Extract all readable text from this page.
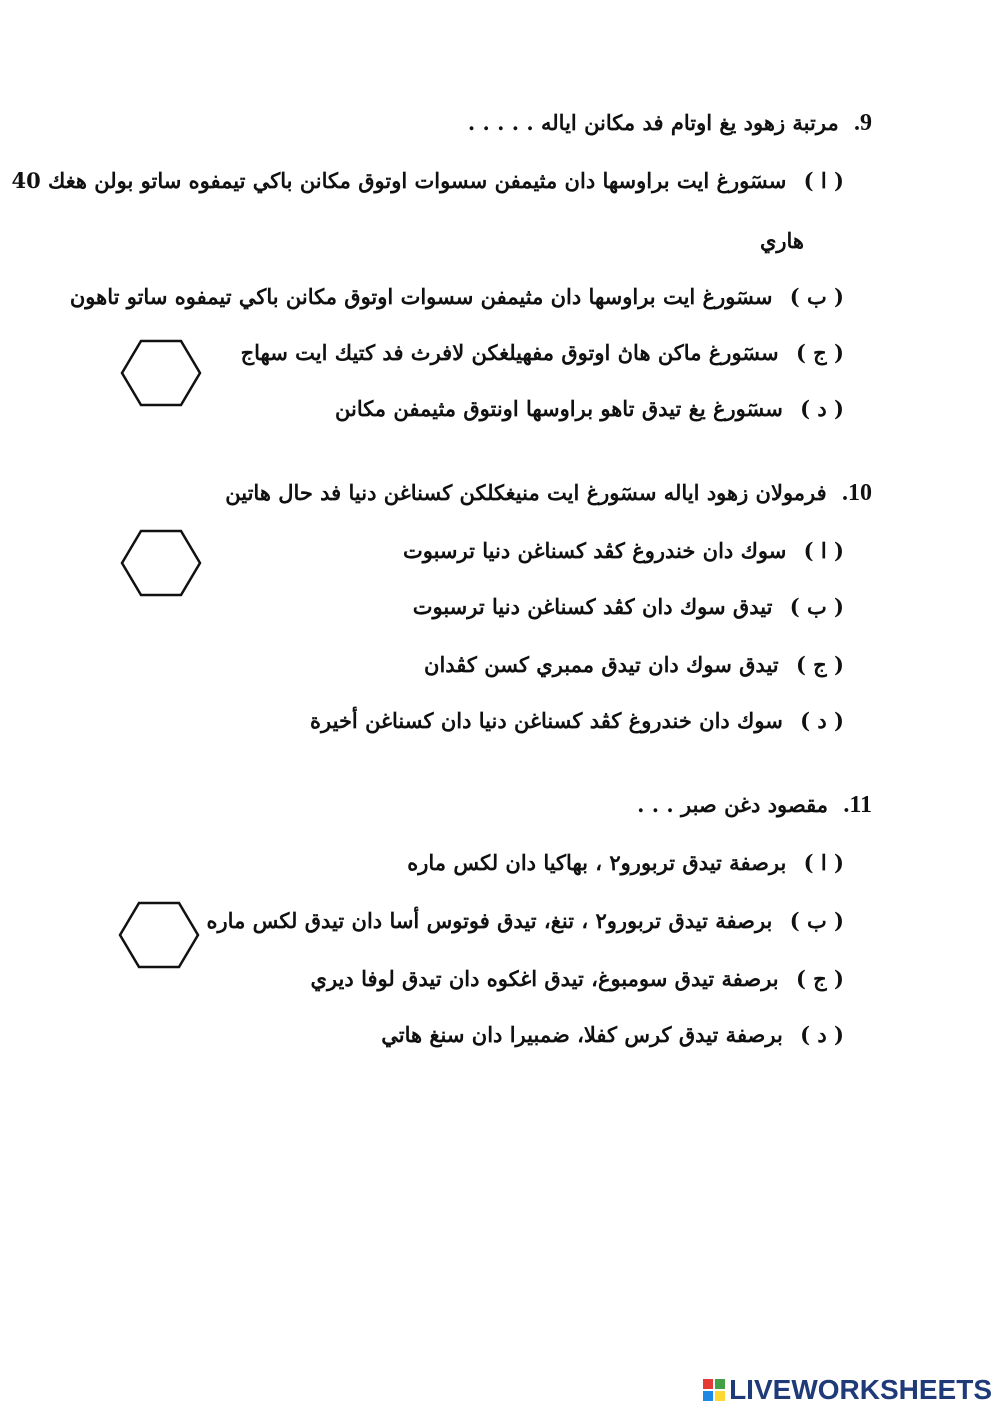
9. مرتبة زهود يغ اوتام فد مكانن اياله . . . . .
( ا ) سسٓورغ ايت براوسها دان مثيمفن سسوات اوتوق مكانن باكي تيمفوه ساتو بولن هغك 40
هاري
( ب ) سسٓورغ ايت براوسها دان مثيمفن سسوات اوتوق مكانن باكي تيمفوه ساتو تاهون
( ج ) سسٓورغ ماكن هاڽ اوتوق مفهيلغكن لافرث فد كتيك ايت سهاج
( د ) سسٓورغ يغ تيدق تاهو براوسها اونتوق مثيمفن مكانن
10. فرمولان زهود اياله سسٓورغ ايت منيغكلكن كسناغن دنيا فد حال هاتين
( ا ) سوك دان خندروغ كڤد كسناغن دنيا ترسبوت
( ب ) تيدق سوك دان كڤد كسناغن دنيا ترسبوت
( ج ) تيدق سوك دان تيدق ممبري كسن كڤدان
( د ) سوك دان خندروغ كڤد كسناغن دنيا دان كسناغن أخيرة
11. مقصود دغن صبر . . .
( ا ) برصفة تيدق تربورو٢ ، بهاكيا دان لكس ماره
( ب ) برصفة تيدق تربورو٢ ، تنغ، تيدق فوتوس أسا دان تيدق لكس ماره
( ج ) برصفة تيدق سومبوغ، تيدق اغكوه دان تيدق لوفا ديري
( د ) برصفة تيدق كرس كفلا، ضمبيرا دان سنغ هاتي
LIVEWORKSHEETS
